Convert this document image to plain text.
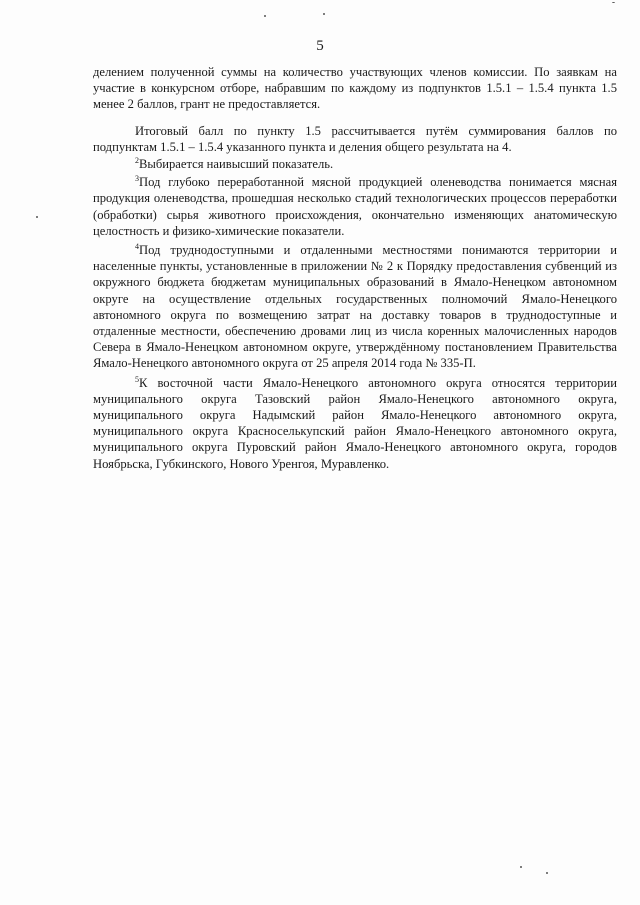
5

делением полученной суммы на количество участвующих членов комиссии. По заявкам на участие в конкурсном отборе, набравшим по каждому из подпунктов 1.5.1 – 1.5.4 пункта 1.5 менее 2 баллов, грант не предоставляется.

Итоговый балл по пункту 1.5 рассчитывается путём суммирования баллов по подпунктам 1.5.1 – 1.5.4 указанного пункта и деления общего результата на 4.

$^2$Выбирается наивысший показатель.

$^3$Под глубоко переработанной мясной продукцией оленеводства понимается мясная продукция оленеводства, прошедшая несколько стадий технологических процессов переработки (обработки) сырья животного происхождения, окончательно изменяющих анатомическую целостность и физико-химические показатели.

$^4$Под труднодоступными и отдаленными местностями понимаются территории и населенные пункты, установленные в приложении № 2 к Порядку предоставления субвенций из окружного бюджета бюджетам муниципальных образований в Ямало-Ненецком автономном округе на осуществление отдельных государственных полномочий Ямало-Ненецкого автономного округа по возмещению затрат на доставку товаров в труднодоступные и отдаленные местности, обеспечению дровами лиц из числа коренных малочисленных народов Севера в Ямало-Ненецком автономном округе, утверждённому постановлением Правительства Ямало-Ненецкого автономного округа от 25 апреля 2014 года № 335-П.

$^5$К восточной части Ямало-Ненецкого автономного округа относятся территории муниципального округа Тазовский район Ямало-Ненецкого автономного округа, муниципального округа Надымский район Ямало-Ненецкого автономного округа, муниципального округа Красноселькупский район Ямало-Ненецкого автономного округа, муниципального округа Пуровский район Ямало-Ненецкого автономного округа, городов Ноябрьска, Губкинского, Нового Уренгоя, Муравленко.
